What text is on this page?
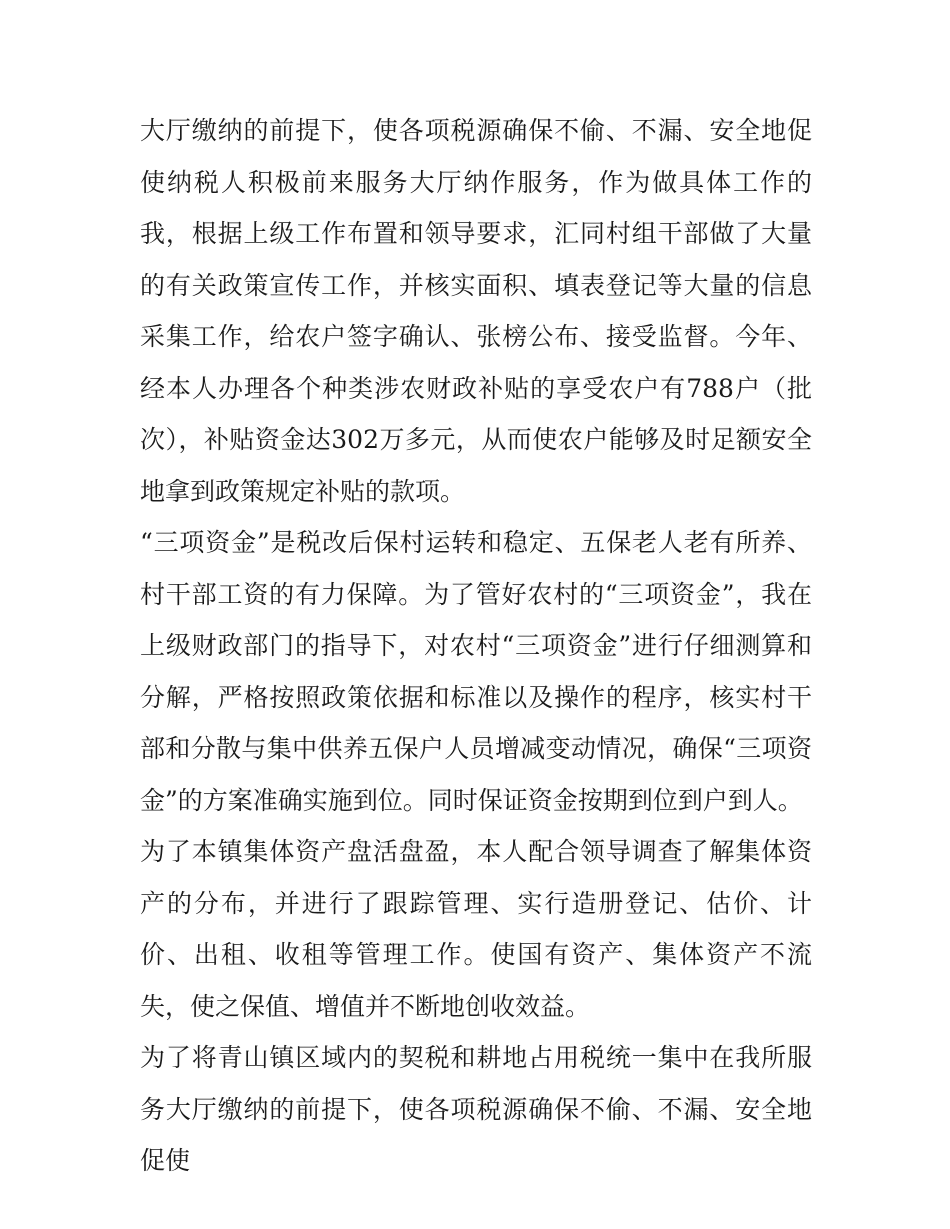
大厅缴纳的前提下，使各项税源确保不偷、不漏、安全地促使纳税人积极前来服务大厅纳作服务，作为做具体工作的我，根据上级工作布置和领导要求，汇同村组干部做了大量的有关政策宣传工作，并核实面积、填表登记等大量的信息采集工作，给农户签字确认、张榜公布、接受监督。今年、经本人办理各个种类涉农财政补贴的享受农户有788户（批次），补贴资金达302万多元，从而使农户能够及时足额安全地拿到政策规定补贴的款项。

“三项资金”是税改后保村运转和稳定、五保老人老有所养、村干部工资的有力保障。为了管好农村的“三项资金”，我在上级财政部门的指导下，对农村“三项资金”进行仔细测算和分解，严格按照政策依据和标准以及操作的程序，核实村干部和分散与集中供养五保户人员增减变动情况，确保“三项资金”的方案准确实施到位。同时保证资金按期到位到户到人。

为了本镇集体资产盘活盘盈，本人配合领导调查了解集体资产的分布，并进行了跟踪管理、实行造册登记、估价、计价、出租、收租等管理工作。使国有资产、集体资产不流失，使之保值、增值并不断地创收效益。

为了将青山镇区域内的契税和耕地占用税统一集中在我所服务大厅缴纳的前提下，使各项税源确保不偷、不漏、安全地促使
